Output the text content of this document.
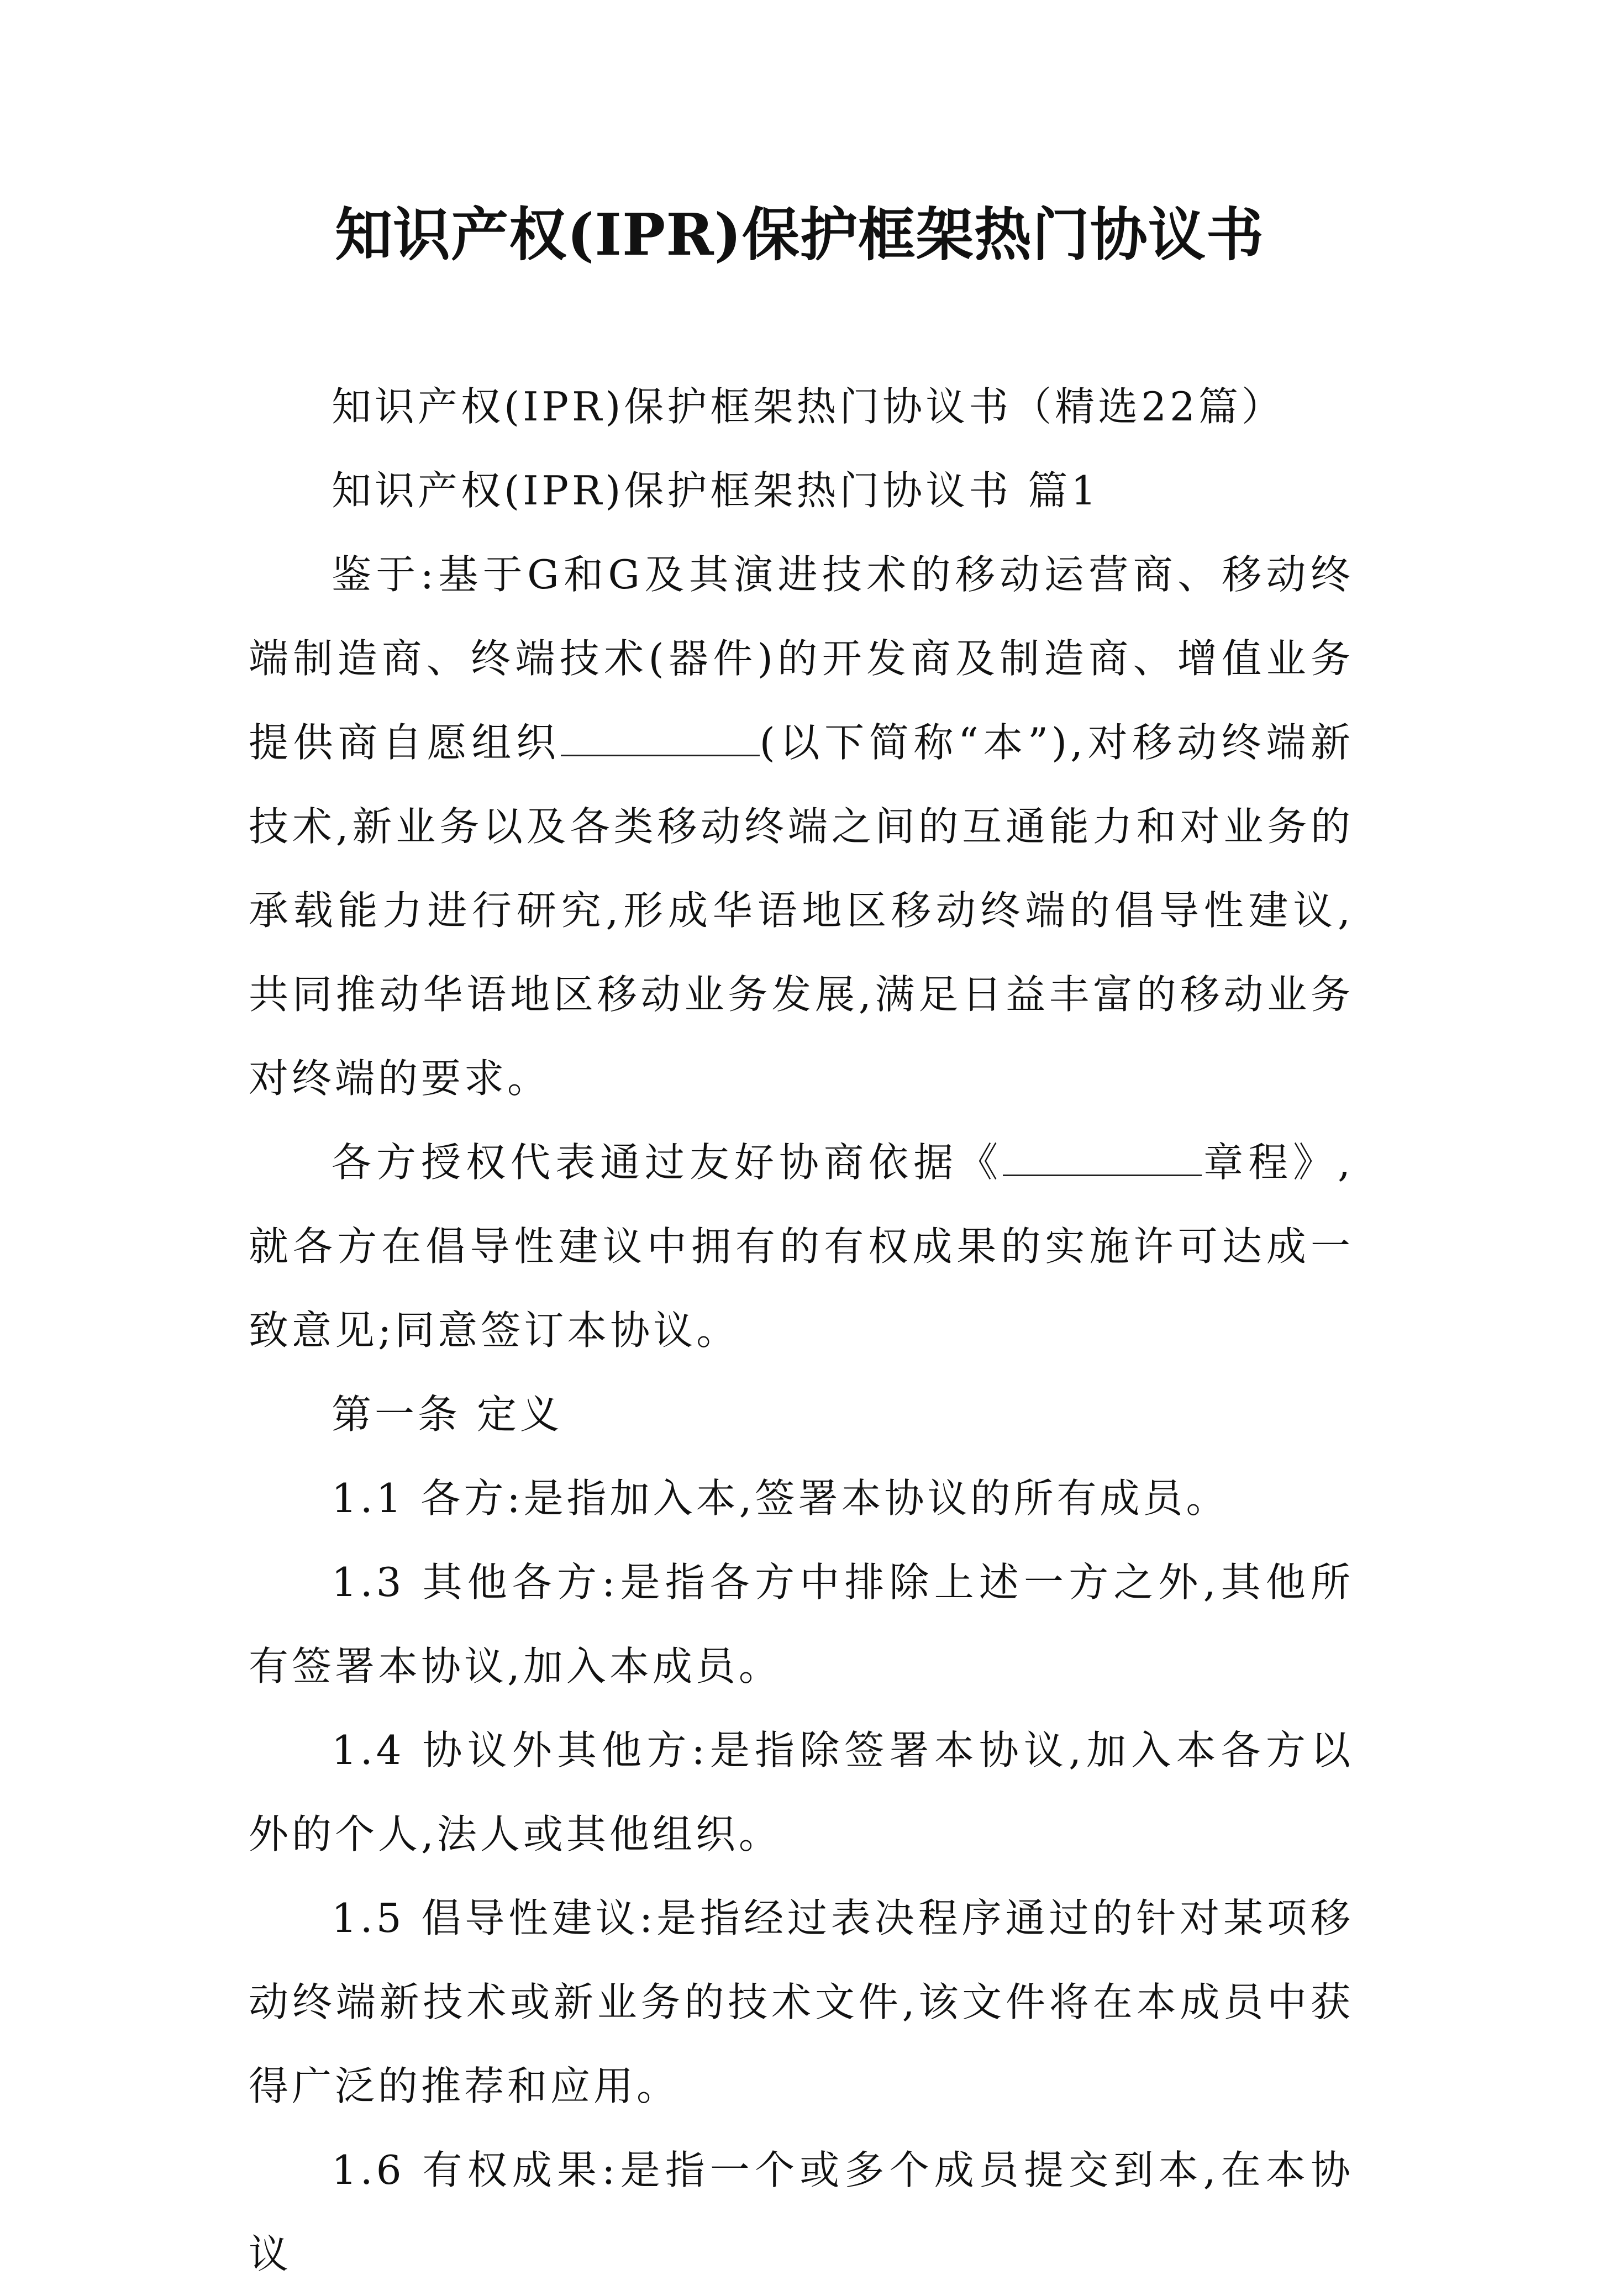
知识产权(IPR)保护框架热门协议书

知识产权(IPR)保护框架热门协议书（精选22篇）

知识产权(IPR)保护框架热门协议书 篇1

鉴于:基于G和G及其演进技术的移动运营商、移动终端制造商、终端技术(器件)的开发商及制造商、增值业务提供商自愿组织	(以下简称“本”),对移动终端新技术,新业务以及各类移动终端之间的互通能力和对业务的承载能力进行研究,形成华语地区移动终端的倡导性建议,共同推动华语地区移动业务发展,满足日益丰富的移动业务对终端的要求。

各方授权代表通过友好协商依据《	章程》,就各方在倡导性建议中拥有的有权成果的实施许可达成一致意见;同意签订本协议。

第一条 定义

1.1 各方:是指加入本,签署本协议的所有成员。

1.3 其他各方:是指各方中排除上述一方之外,其他所有签署本协议,加入本成员。

1.4 协议外其他方:是指除签署本协议,加入本各方以外的个人,法人或其他组织。

1.5 倡导性建议:是指经过表决程序通过的针对某项移动终端新技术或新业务的技术文件,该文件将在本成员中获得广泛的推荐和应用。

1.6 有权成果:是指一个或多个成员提交到本,在本协议
